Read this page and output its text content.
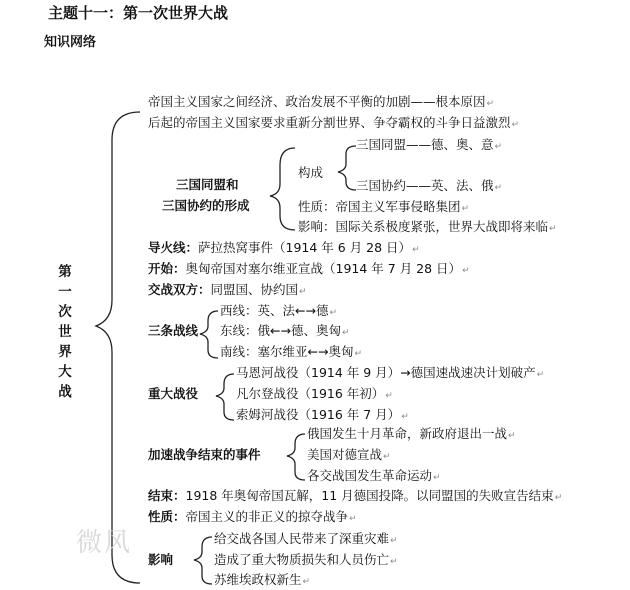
主题十一：第一次世界大战
知识网络
第一次世界大战
帝国主义国家之间经济、政治发展不平衡的加剧——根本原因↵
后起的帝国主义国家要求重新分割世界、争夺霸权的斗争日益激烈↵
三国同盟和
三国协约的形成
构成
三国同盟——德、奥、意↵
三国协约——英、法、俄↵
性质：帝国主义军事侵略集团↵
影响：国际关系极度紧张，世界大战即将来临↵
导火线：萨拉热窝事件（1914 年 6 月 28 日）↵
开始：奥匈帝国对塞尔维亚宣战（1914 年 7 月 28 日）↵
交战双方：同盟国、协约国↵
三条战线
西线：英、法←→德↵
东线：俄←→德、奥匈↵
南线：塞尔维亚←→奥匈↵
重大战役
马恩河战役（1914 年 9 月）→德国速战速决计划破产↵
凡尔登战役（1916 年初）↵
索姆河战役（1916 年 7 月）↵
加速战争结束的事件
俄国发生十月革命，新政府退出一战↵
美国对德宣战↵
各交战国发生革命运动↵
结束：1918 年奥匈帝国瓦解，11 月德国投降。以同盟国的失败宣告结束↵
性质：帝国主义的非正义的掠夺战争↵
影响
给交战各国人民带来了深重灾难↵
造成了重大物质损失和人员伤亡↵
苏维埃政权新生↵
微风
